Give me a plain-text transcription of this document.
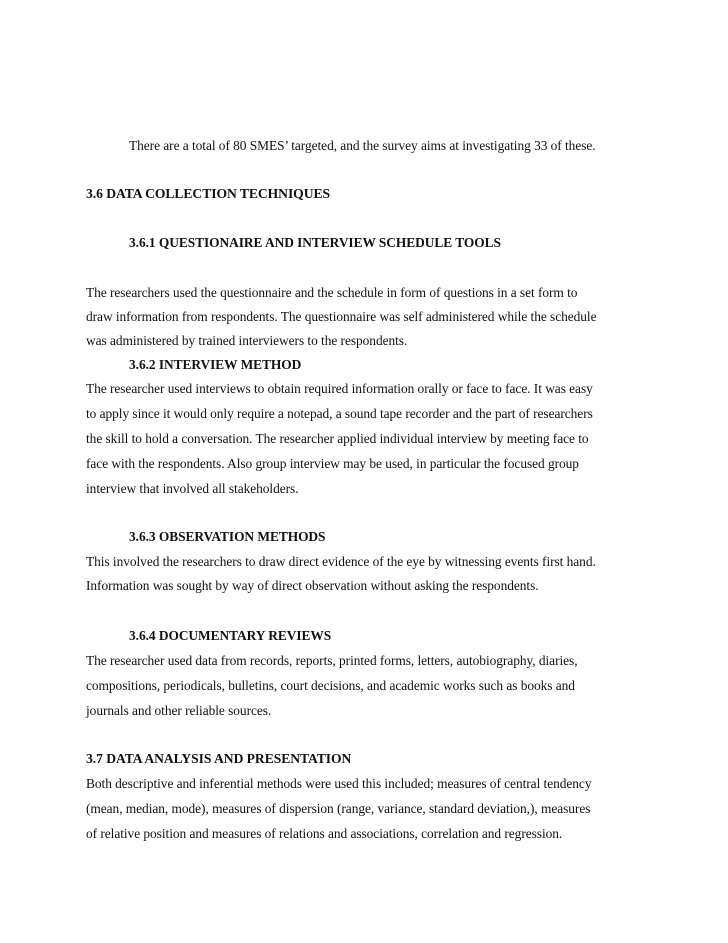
There are a total of 80 SMES’ targeted, and the survey aims at investigating 33 of these.
3.6 DATA COLLECTION TECHNIQUES
3.6.1 QUESTIONAIRE AND INTERVIEW SCHEDULE TOOLS
The researchers used the questionnaire and the schedule in form of questions in a set form to
draw information from respondents. The questionnaire was self administered while the schedule
was administered by trained interviewers to the respondents.
3.6.2 INTERVIEW METHOD
The researcher used interviews to obtain required information orally or face to face. It was easy
to apply since it would only require a notepad, a sound tape recorder and the part of researchers
the skill to hold a conversation. The researcher applied individual interview by meeting face to
face with the respondents. Also group interview may be used, in particular the focused group
interview that involved all stakeholders.
3.6.3 OBSERVATION METHODS
This involved the researchers to draw direct evidence of the eye by witnessing events first hand.
Information was sought by way of direct observation without asking the respondents.
3.6.4 DOCUMENTARY REVIEWS
The researcher used data from records, reports, printed forms, letters, autobiography, diaries,
compositions, periodicals, bulletins, court decisions, and academic works such as books and
journals and other reliable sources.
3.7 DATA ANALYSIS AND PRESENTATION
Both descriptive and inferential methods were used this included; measures of central tendency
(mean, median, mode), measures of dispersion (range, variance, standard deviation,), measures
of relative position and measures of relations and associations, correlation and regression.
